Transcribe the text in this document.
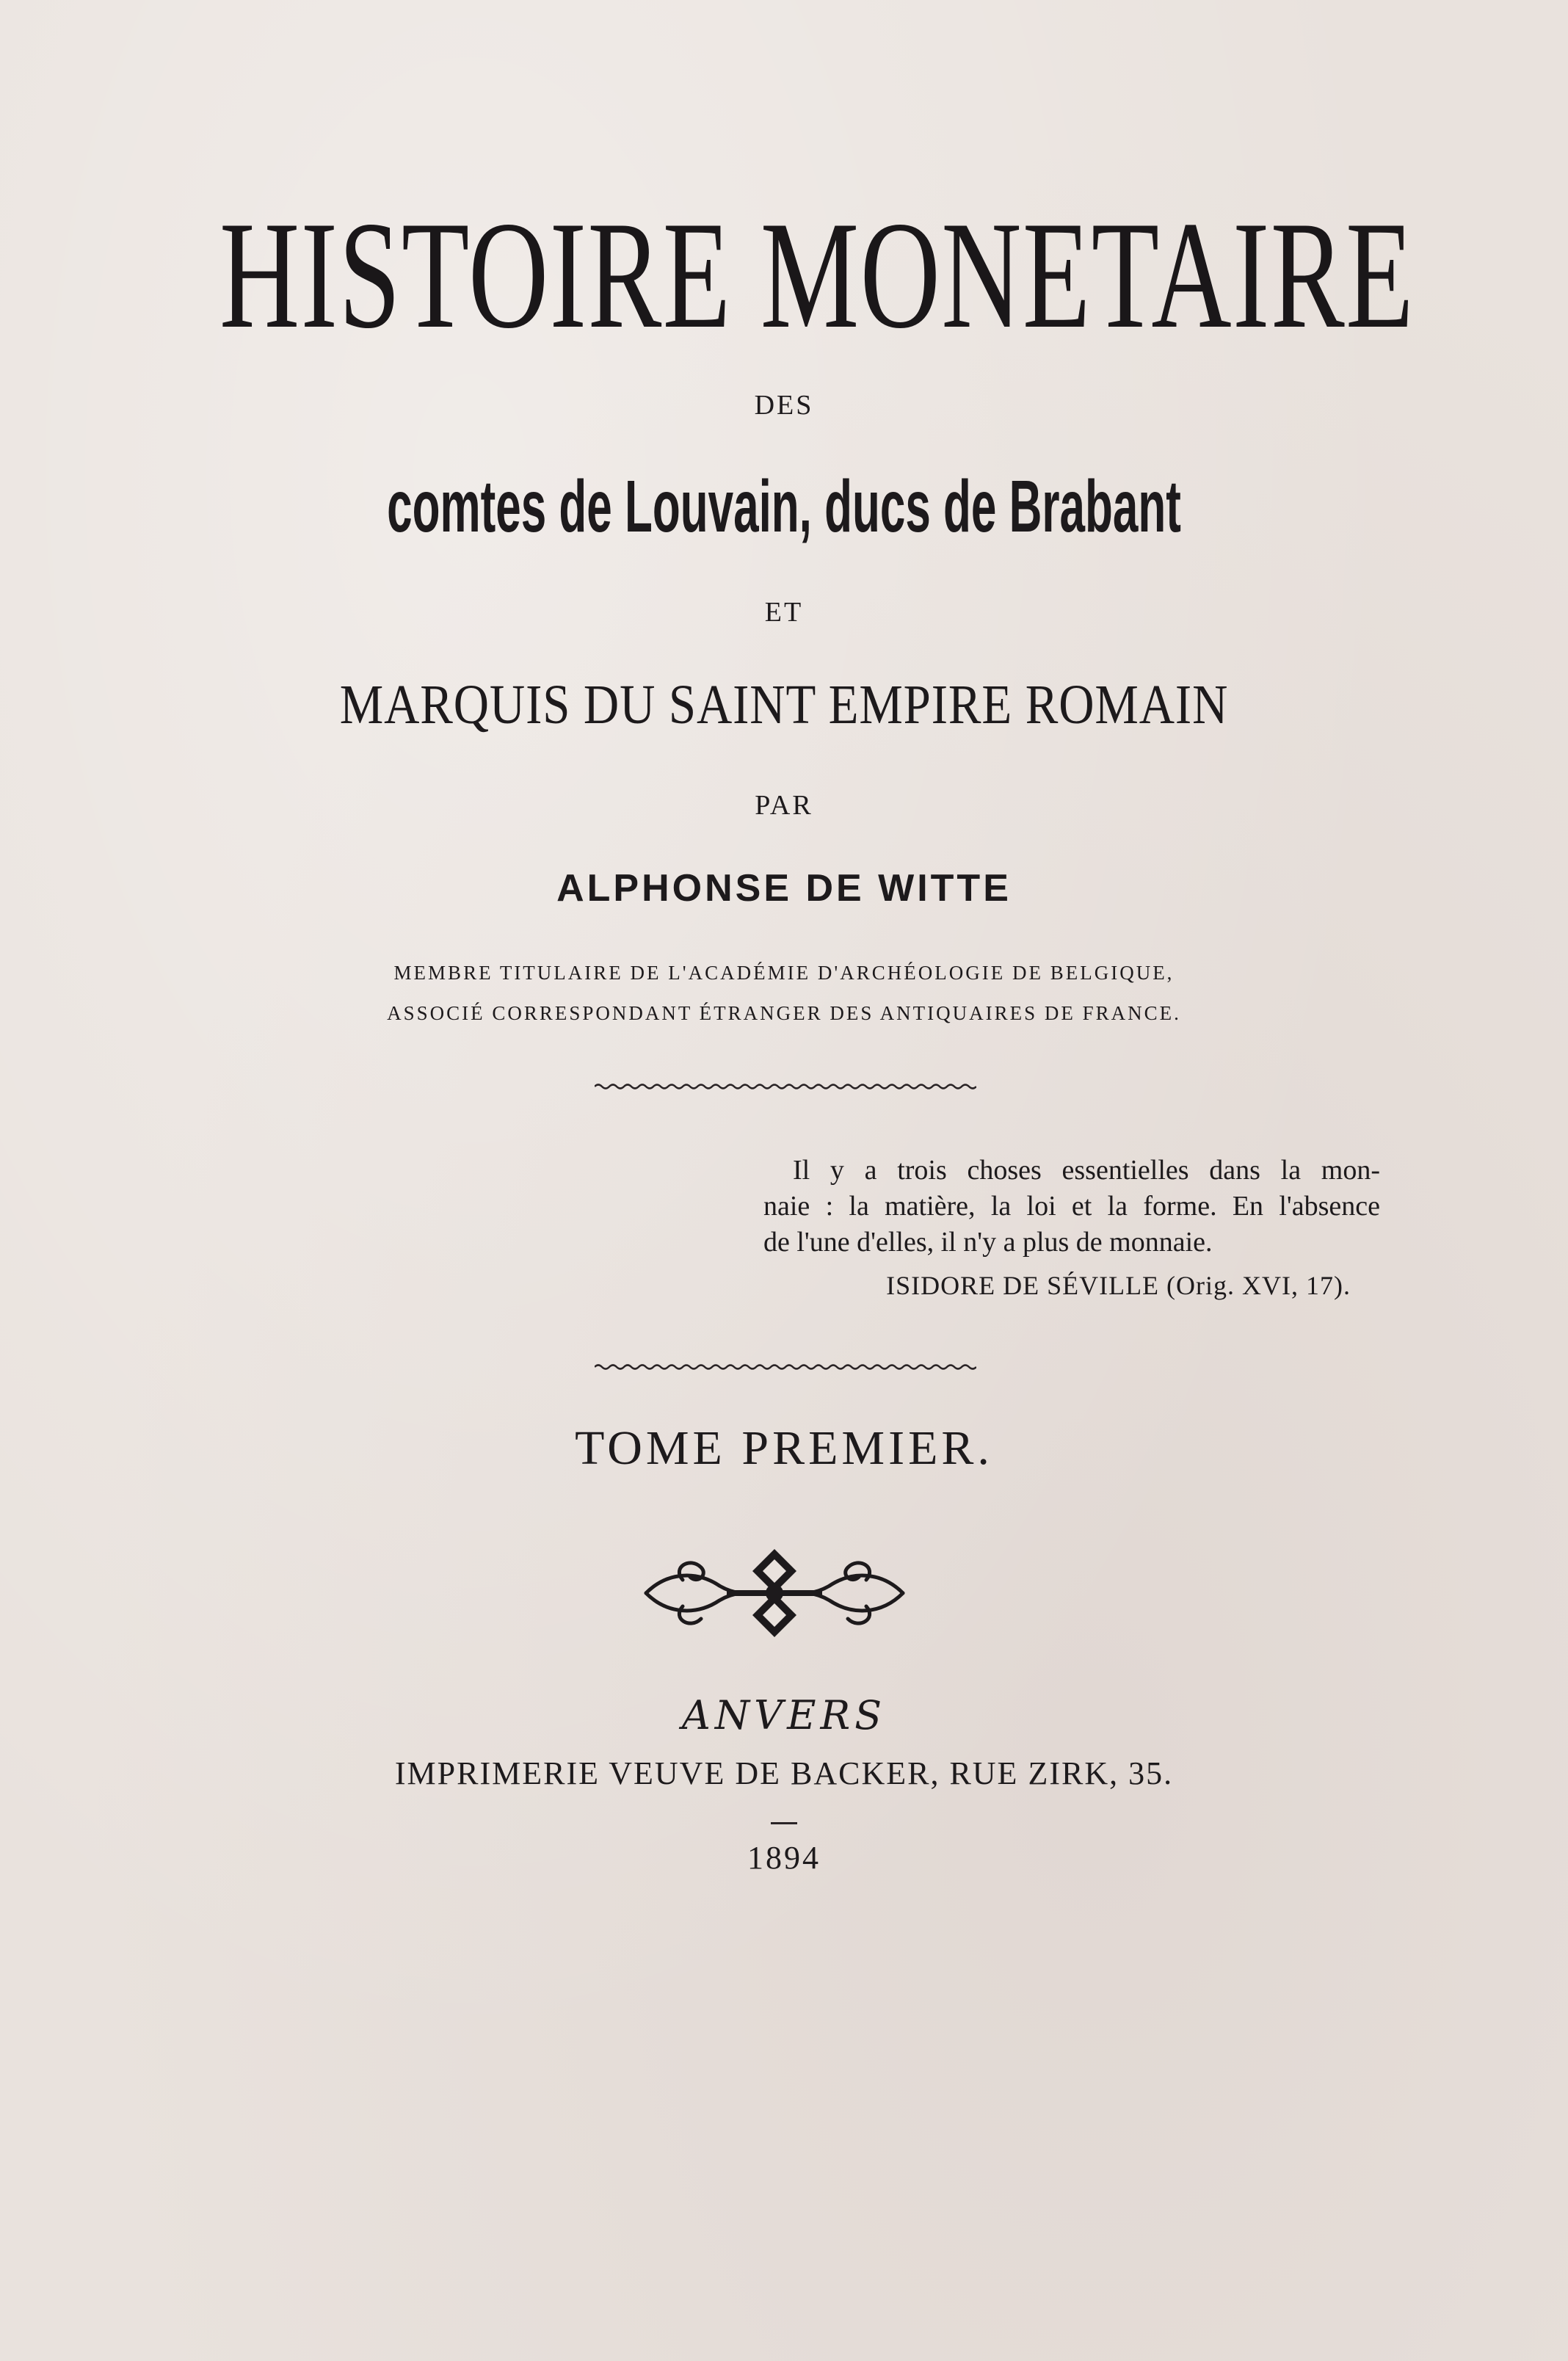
HISTOIRE MONETAIRE
DES
comtes de Louvain, ducs de Brabant
ET
MARQUIS DU SAINT EMPIRE ROMAIN
PAR
ALPHONSE DE WITTE
MEMBRE TITULAIRE DE L'ACADÉMIE D'ARCHÉOLOGIE DE BELGIQUE,
ASSOCIÉ CORRESPONDANT ÉTRANGER DES ANTIQUAIRES DE FRANCE.

Il y a trois choses essentielles dans la mon-

naie : la matière, la loi et la forme. En l'absence

de l'une d'elles, il n'y a plus de monnaie.

ISIDORE DE SÉVILLE (Orig. XVI, 17).
TOME PREMIER.
ANVERS
IMPRIMERIE VEUVE DE BACKER, RUE ZIRK, 35.
1894
